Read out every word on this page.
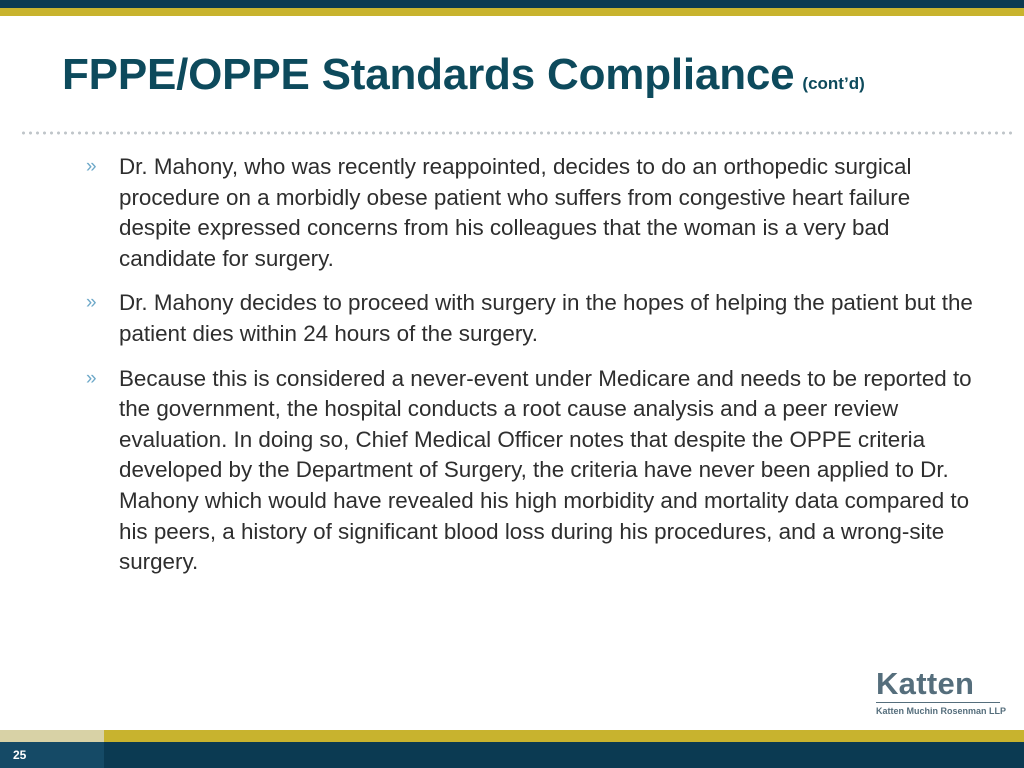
FPPE/OPPE Standards Compliance (cont’d)
» Dr. Mahony, who was recently reappointed, decides to do an orthopedic surgical procedure on a morbidly obese patient who suffers from congestive heart failure despite expressed concerns from his colleagues that the woman is a very bad candidate for surgery.
» Dr. Mahony decides to proceed with surgery in the hopes of helping the patient but the patient dies within 24 hours of the surgery.
» Because this is considered a never-event under Medicare and needs to be reported to the government, the hospital conducts a root cause analysis and a peer review evaluation. In doing so, Chief Medical Officer notes that despite the OPPE criteria developed by the Department of Surgery, the criteria have never been applied to Dr. Mahony which would have revealed his high morbidity and mortality data compared to his peers, a history of significant blood loss during his procedures, and a wrong-site surgery.
Katten
Katten Muchin Rosenman LLP
25
